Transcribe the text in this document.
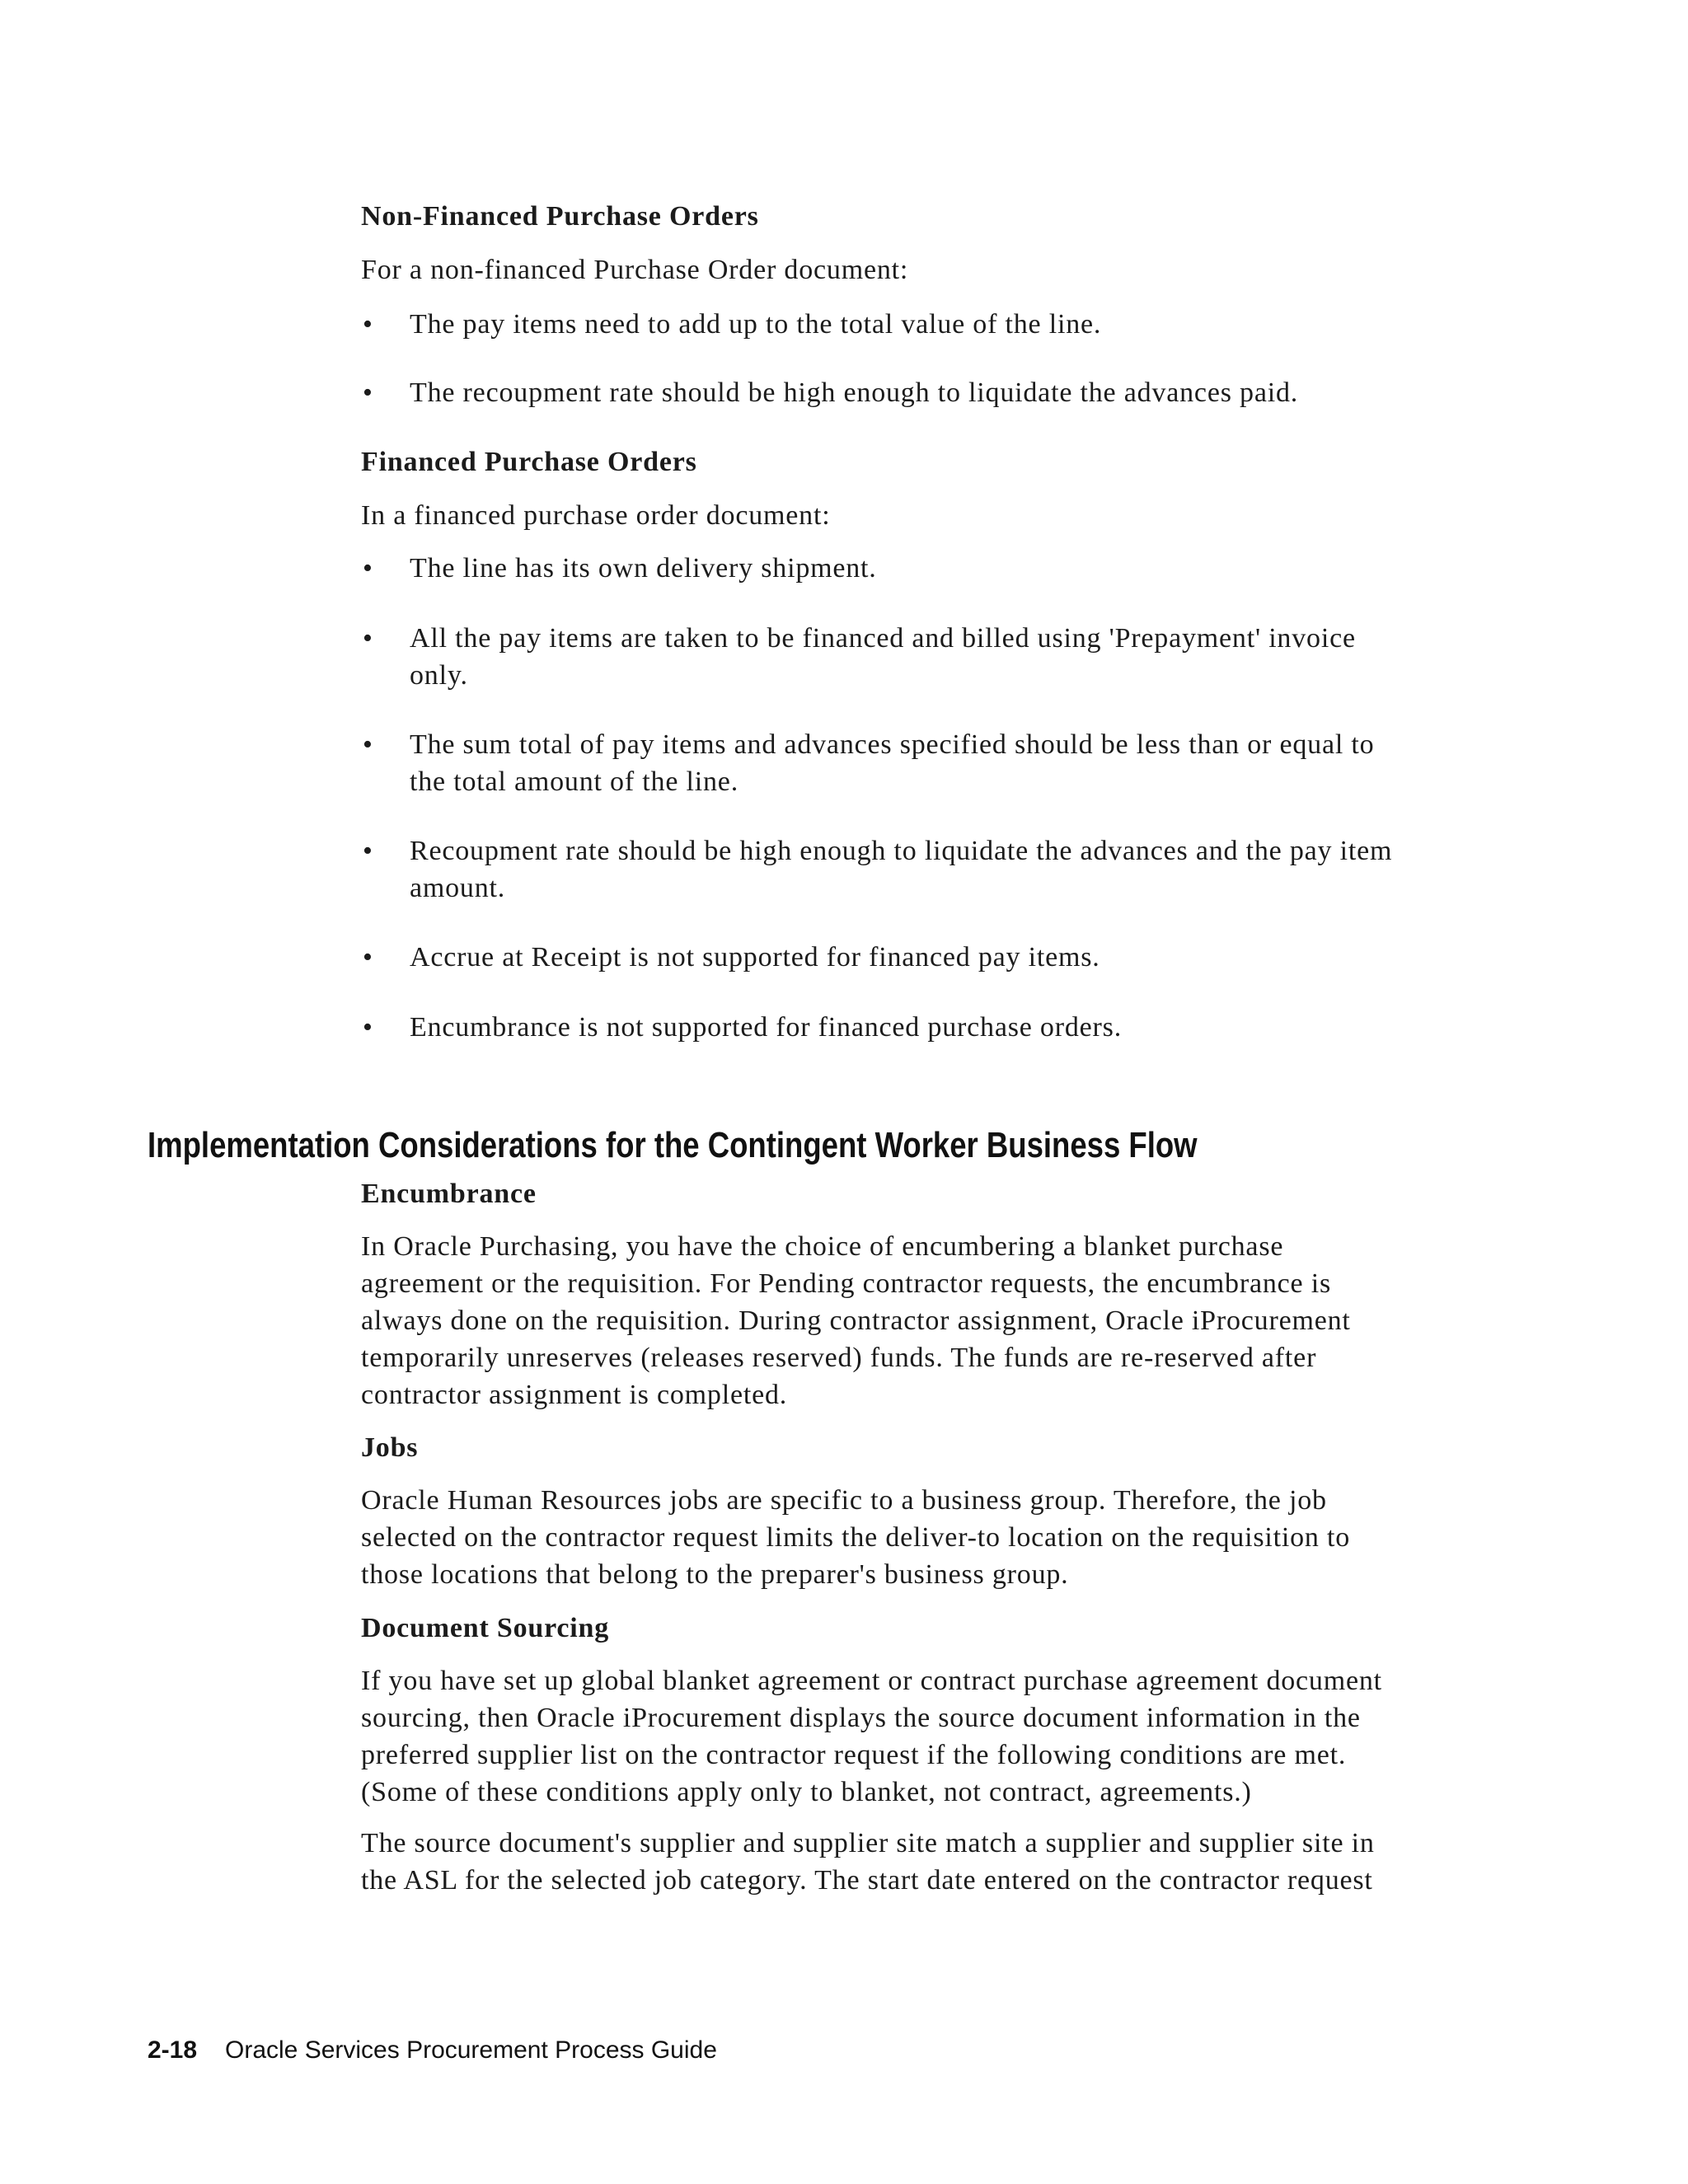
Non-Financed Purchase Orders
For a non-financed Purchase Order document:
• The pay items need to add up to the total value of the line.
• The recoupment rate should be high enough to liquidate the advances paid.
Financed Purchase Orders
In a financed purchase order document:
• The line has its own delivery shipment.
• All the pay items are taken to be financed and billed using 'Prepayment' invoice
only.
• The sum total of pay items and advances specified should be less than or equal to
the total amount of the line.
• Recoupment rate should be high enough to liquidate the advances and the pay item
amount.
• Accrue at Receipt is not supported for financed pay items.
• Encumbrance is not supported for financed purchase orders.
Implementation Considerations for the Contingent Worker Business Flow
Encumbrance
In Oracle Purchasing, you have the choice of encumbering a blanket purchase
agreement or the requisition. For Pending contractor requests, the encumbrance is
always done on the requisition. During contractor assignment, Oracle iProcurement
temporarily unreserves (releases reserved) funds. The funds are re-reserved after
contractor assignment is completed.
Jobs
Oracle Human Resources jobs are specific to a business group. Therefore, the job
selected on the contractor request limits the deliver-to location on the requisition to
those locations that belong to the preparer's business group.
Document Sourcing
If you have set up global blanket agreement or contract purchase agreement document
sourcing, then Oracle iProcurement displays the source document information in the
preferred supplier list on the contractor request if the following conditions are met.
(Some of these conditions apply only to blanket, not contract, agreements.)
The source document's supplier and supplier site match a supplier and supplier site in
the ASL for the selected job category. The start date entered on the contractor request
2-18 Oracle Services Procurement Process Guide
